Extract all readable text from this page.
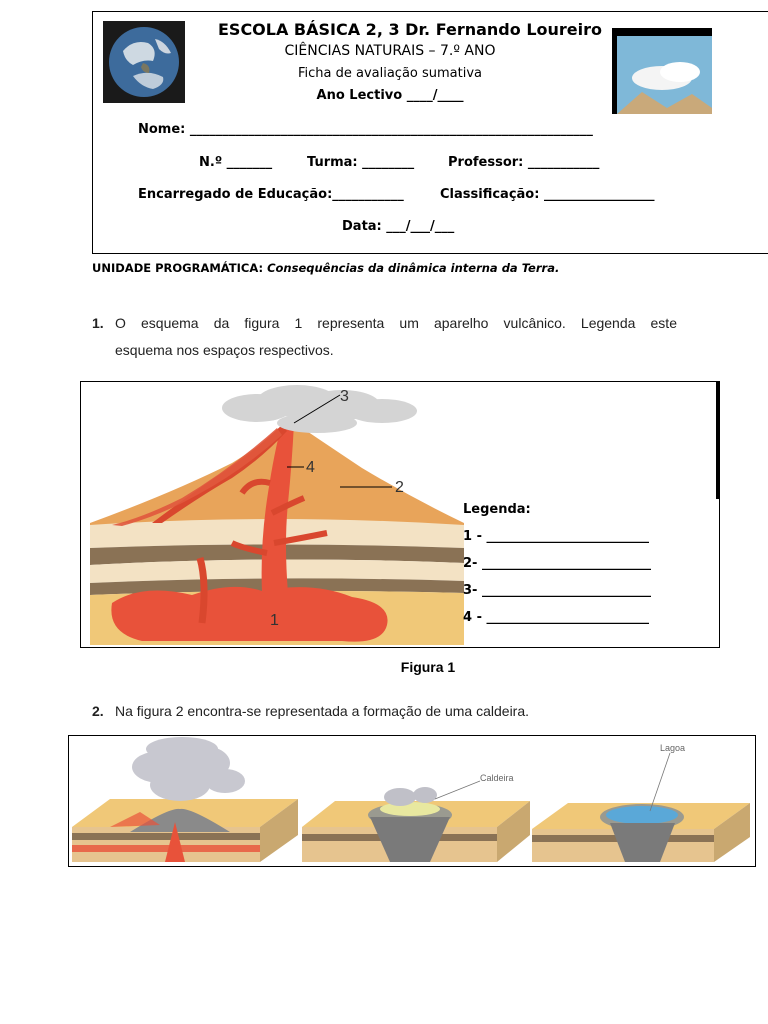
ESCOLA BÁSICA 2, 3 Dr. Fernando Loureiro
CIÊNCIAS NATURAIS – 7.º ANO
Ficha de avaliação sumativa
Ano Lectivo ____/____
Nome: ______________________________________________________________
N.º _______	Turma: ________	Professor: ___________
Encarregado de Educação:___________	Classificação: _________________
Data: ___/___/___
UNIDADE PROGRAMÁTICA: Consequências da dinâmica interna da Terra.
1. O esquema da figura 1 representa um aparelho vulcânico. Legenda este
esquema nos espaços respectivos.
3
2
4
1
Legenda:
1 - _________________________
2- __________________________
3- __________________________
4 - _________________________
Figura 1
2. Na figura 2 encontra-se representada a formação de uma caldeira.
Caldeira
Lagoa
